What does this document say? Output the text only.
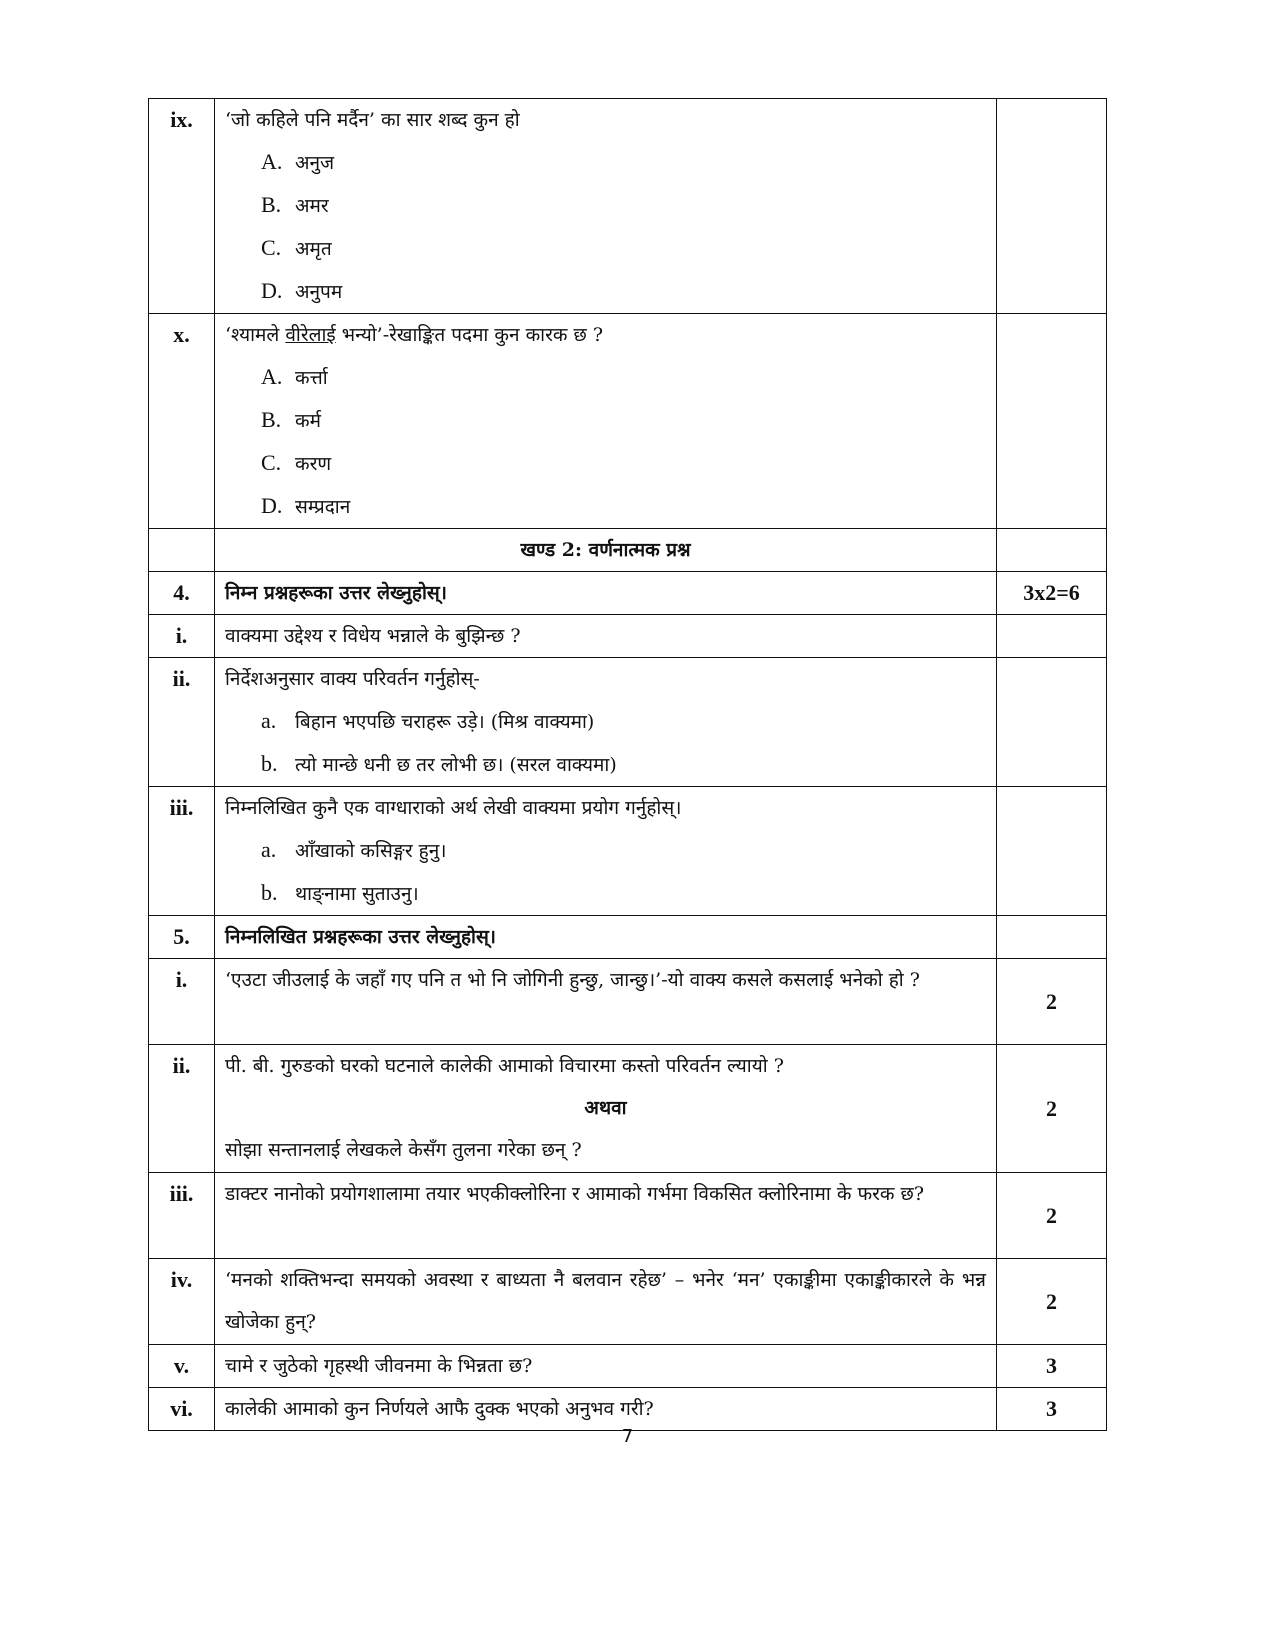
ix.	‘जो कहिले पनि मर्दैन’ का सार शब्द कुन हो
A. अनुज
B. अमर
C. अमृत
D. अनुपम	

x.	‘श्यामले वीरेलाई भन्यो’-रेखाङ्कित पदमा कुन कारक छ ?
A. कर्त्ता
B. कर्म
C. करण
D. सम्प्रदान	

	खण्ड 2: वर्णनात्मक प्रश्न	

4.	निम्न प्रश्नहरूका उत्तर लेख्नुहोस्।	3x2=6
i.	वाक्यमा उद्देश्य र विधेय भन्नाले के बुझिन्छ ?	
ii.	निर्देशअनुसार वाक्य परिवर्तन गर्नुहोस्-
a. बिहान भएपछि चराहरू उड़े। (मिश्र वाक्यमा)
b. त्यो मान्छे धनी छ तर लोभी छ। (सरल वाक्यमा)	

iii.	निम्नलिखित कुनै एक वाग्धाराको अर्थ लेखी वाक्यमा प्रयोग गर्नुहोस्।
a. आँखाको कसिङ्गर हुनु।
b. थाङ्नामा सुताउनु।	

5.	निम्नलिखित प्रश्नहरूका उत्तर लेख्नुहोस्।	
i.	‘एउटा जीउलाई के जहाँ गए पनि त भो नि जोगिनी हुन्छु, जान्छु।’-यो वाक्य कसले कसलाई भनेको हो ?	2
ii.	पी. बी. गुरुङको घरको घटनाले कालेकी आमाको विचारमा कस्तो परिवर्तन ल्यायो ?
अथवा
सोझा सन्तानलाई लेखकले केसँग तुलना गरेका छन् ?	2
iii.	डाक्टर नानोको प्रयोगशालामा तयार भएकीक्लोरिना र आमाको गर्भमा विकसित क्लोरिनामा के फरक छ?	2
iv.	‘मनको शक्तिभन्दा समयको अवस्था र बाध्यता नै बलवान रहेछ’ – भनेर ‘मन’ एकाङ्कीमा एकाङ्कीकारले के भन्न खोजेका हुन्?	2
v.	चामे र जुठेको गृहस्थी जीवनमा के भिन्नता छ?	3
vi.	कालेकी आमाको कुन निर्णयले आफै दुक्क भएको अनुभव गरी?	3
7
